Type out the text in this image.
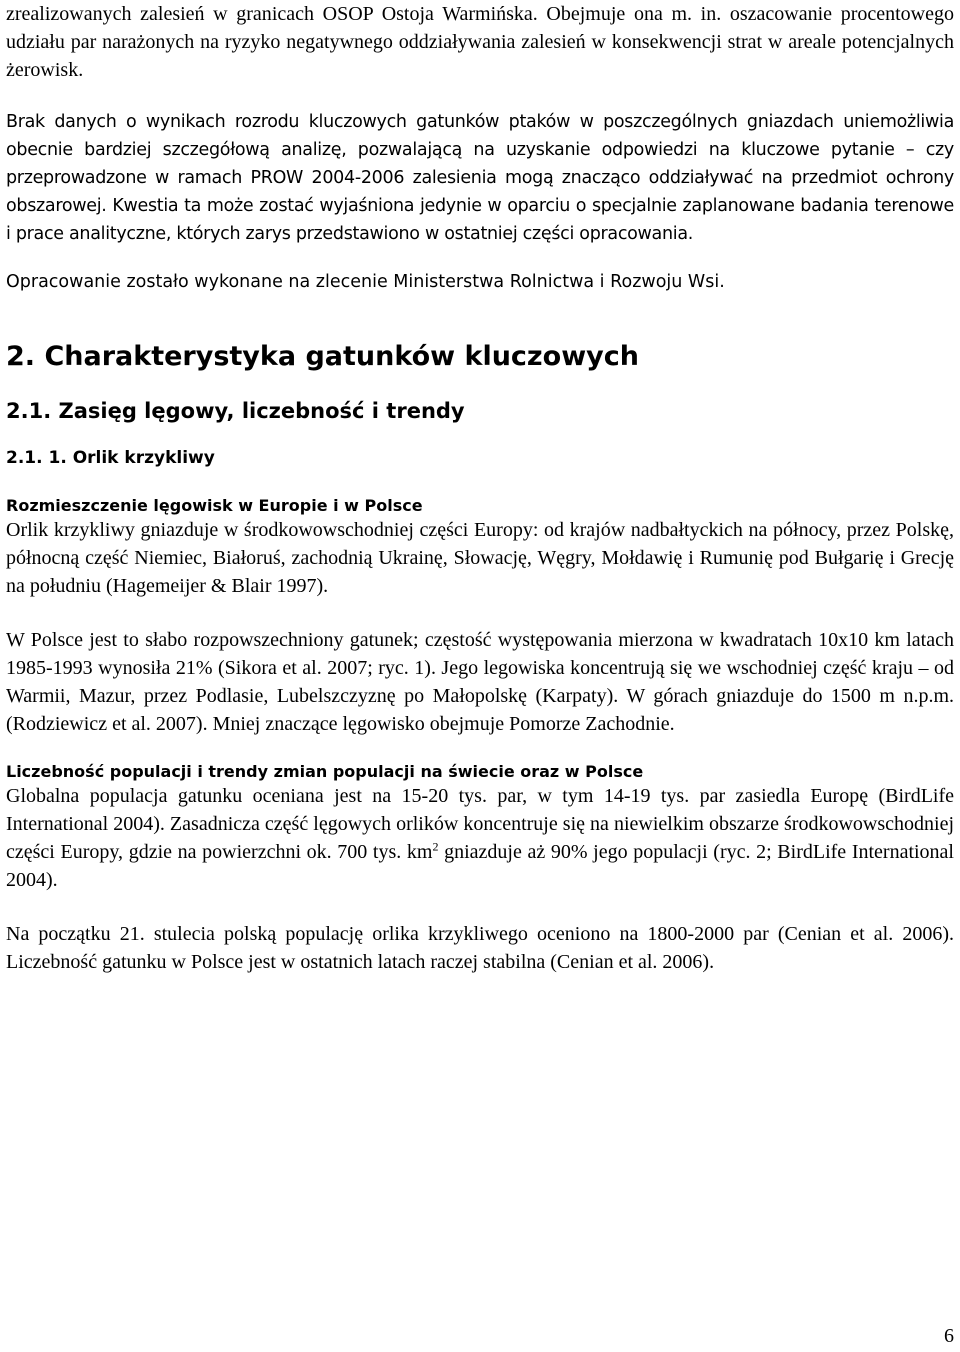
zrealizowanych zalesień w granicach OSOP Ostoja Warmińska. Obejmuje ona m. in. oszacowanie procentowego udziału par narażonych na ryzyko negatywnego oddziaływania zalesień w konsekwencji strat w areale potencjalnych żerowisk.

Brak danych o wynikach rozrodu kluczowych gatunków ptaków w poszczególnych gniazdach uniemożliwia obecnie bardziej szczegółową analizę, pozwalającą na uzyskanie odpowiedzi na kluczowe pytanie – czy przeprowadzone w ramach PROW 2004-2006 zalesienia mogą znacząco oddziaływać na przedmiot ochrony obszarowej. Kwestia ta może zostać wyjaśniona jedynie w oparciu o specjalnie zaplanowane badania terenowe i prace analityczne, których zarys przedstawiono w ostatniej części opracowania.

Opracowanie zostało wykonane na zlecenie Ministerstwa Rolnictwa i Rozwoju Wsi.

2. Charakterystyka gatunków kluczowych
2.1. Zasięg lęgowy, liczebność i trendy
2.1. 1. Orlik krzykliwy
Rozmieszczenie lęgowisk w Europie i w Polsce

Orlik krzykliwy gniazduje w środkowowschodniej części Europy: od krajów nadbałtyckich na północy, przez Polskę, północną część Niemiec, Białoruś, zachodnią Ukrainę, Słowację, Węgry, Mołdawię i Rumunię pod Bułgarię i Grecję na południu (Hagemeijer & Blair 1997).

W Polsce jest to słabo rozpowszechniony gatunek; częstość występowania mierzona w kwadratach 10x10 km latach 1985-1993 wynosiła 21% (Sikora et al. 2007; ryc. 1). Jego legowiska koncentrują się we wschodniej część kraju – od Warmii, Mazur, przez Podlasie, Lubelszczyznę po Małopolskę (Karpaty). W górach gniazduje do 1500 m n.p.m. (Rodziewicz et al. 2007). Mniej znaczące lęgowisko obejmuje Pomorze Zachodnie.

Liczebność populacji i trendy zmian populacji na świecie oraz w Polsce

Globalna populacja gatunku oceniana jest na 15-20 tys. par, w tym 14-19 tys. par zasiedla Europę (BirdLife International 2004). Zasadnicza część lęgowych orlików koncentruje się na niewielkim obszarze środkowowschodniej części Europy, gdzie na powierzchni ok. 700 tys. $km^2$ gniazduje aż 90% jego populacji (ryc. 2; BirdLife International 2004).

Na początku 21. stulecia polską populację orlika krzykliwego oceniono na 1800-2000 par (Cenian et al. 2006). Liczebność gatunku w Polsce jest w ostatnich latach raczej stabilna (Cenian et al. 2006).

6
